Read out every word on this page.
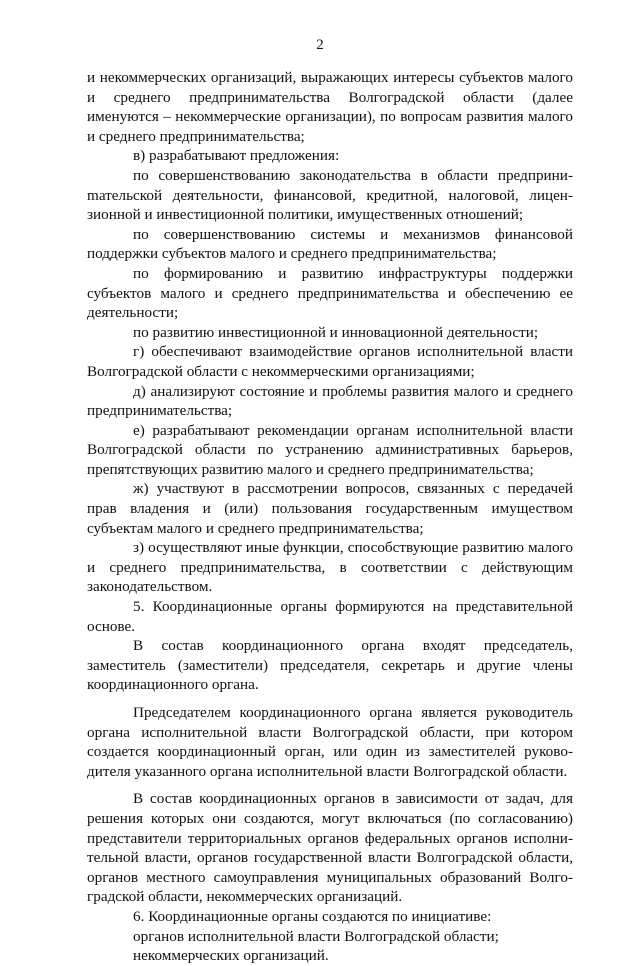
2

и некоммерческих организаций, выражающих интересы субъектов малого и среднего предпринимательства Волгоградской области (далее именуются – некоммерческие организации), по вопросам развития малого и среднего предпринимательства;

в) разрабатывают предложения:

по совершенствованию законодательства в области предприниmательской деятельности, финансовой, кредитной, налоговой, лицензионной и инвестиционной политики, имущественных отношений;

по совершенствованию системы и механизмов финансовой поддержки субъектов малого и среднего предпринимательства;

по формированию и развитию инфраструктуры поддержки субъектов малого и среднего предпринимательства и обеспечению ее деятельности;

по развитию инвестиционной и инновационной деятельности;

г) обеспечивают взаимодействие органов исполнительной власти Волгоградской области с некоммерческими организациями;

д) анализируют состояние и проблемы развития малого и среднего предпринимательства;

е) разрабатывают рекомендации органам исполнительной власти Волгоградской области по устранению административных барьеров, препятствующих развитию малого и среднего предпринимательства;

ж) участвуют в рассмотрении вопросов, связанных с передачей прав владения и (или) пользования государственным имуществом субъектам малого и среднего предпринимательства;

з) осуществляют иные функции, способствующие развитию малого и среднего предпринимательства, в соответствии с действующим законодательством.

5. Координационные органы формируются на представительной основе.

В состав координационного органа входят председатель, заместитель (заместители) председателя, секретарь и другие члены координационного органа.

Председателем координационного органа является руководитель органа исполнительной власти Волгоградской области, при котором создается координационный орган, или один из заместителей руководителя указанного органа исполнительной власти Волгоградской области.

В состав координационных органов в зависимости от задач, для решения которых они создаются, могут включаться (по согласованию) представители территориальных органов федеральных органов исполнительной власти, органов государственной власти Волгоградской области, органов местного самоуправления муниципальных образований Волгоградской области, некоммерческих организаций.

6. Координационные органы создаются по инициативе:

органов исполнительной власти Волгоградской области;

некоммерческих организаций.
